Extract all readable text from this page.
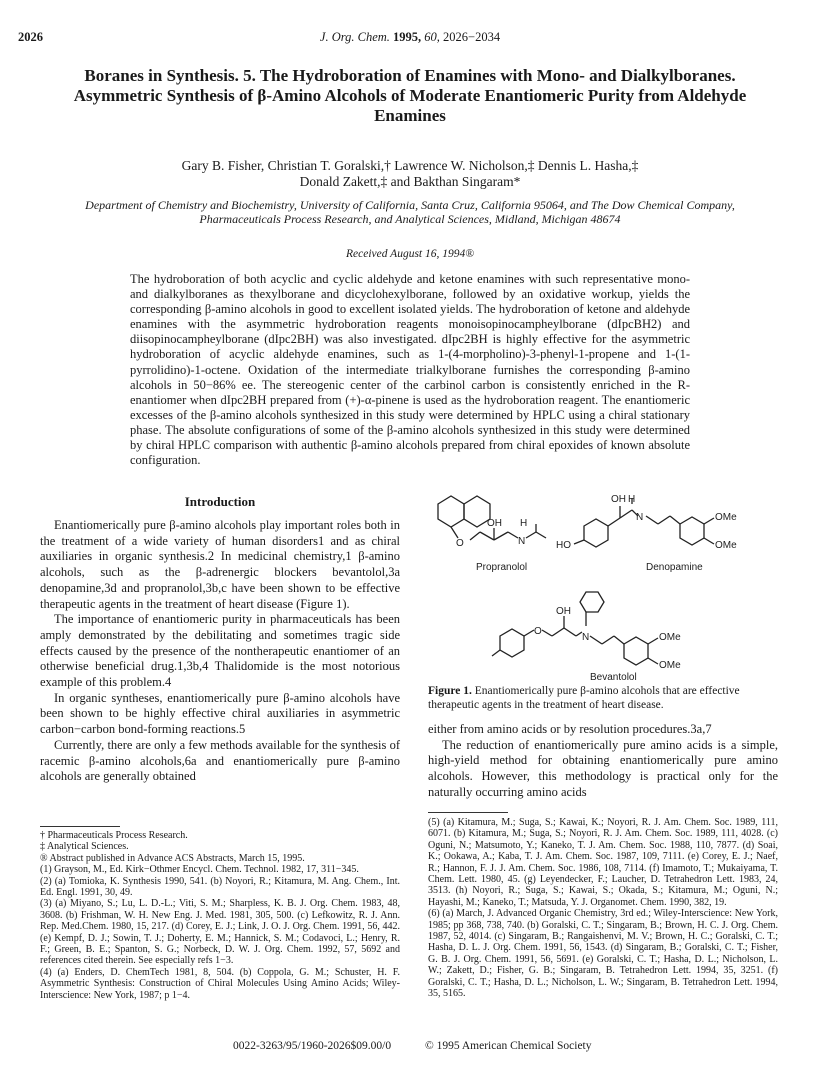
2026	J. Org. Chem. 1995, 60, 2026−2034
Boranes in Synthesis. 5. The Hydroboration of Enamines with Mono- and Dialkylboranes. Asymmetric Synthesis of β-Amino Alcohols of Moderate Enantiomeric Purity from Aldehyde Enamines
Gary B. Fisher, Christian T. Goralski,† Lawrence W. Nicholson,‡ Dennis L. Hasha,‡
Donald Zakett,‡ and Bakthan Singaram*
Department of Chemistry and Biochemistry, University of California, Santa Cruz, California 95064, and The Dow Chemical Company, Pharmaceuticals Process Research, and Analytical Sciences, Midland, Michigan 48674
Received August 16, 1994®
The hydroboration of both acyclic and cyclic aldehyde and ketone enamines with such representative mono- and dialkylboranes as thexylborane and dicyclohexylborane, followed by an oxidative workup, yields the corresponding β-amino alcohols in good to excellent isolated yields. The hydroboration of ketone and aldehyde enamines with the asymmetric hydroboration reagents monoisopinocampheylborane (dIpcBH2) and diisopinocampheylborane (dIpc2BH) was also investigated. dIpc2BH is highly effective for the asymmetric hydroboration of acyclic aldehyde enamines, such as 1-(4-morpholino)-3-phenyl-1-propene and 1-(1-pyrrolidino)-1-octene. Oxidation of the intermediate trialkylborane furnishes the corresponding β-amino alcohols in 50−86% ee. The stereogenic center of the carbinol carbon is consistently enriched in the R-enantiomer when dIpc2BH prepared from (+)-α-pinene is used as the hydroboration reagent. The enantiomeric excesses of the β-amino alcohols synthesized in this study were determined by HPLC using a chiral stationary phase. The absolute configurations of some of the β-amino alcohols synthesized in this study were determined by chiral HPLC comparison with authentic β-amino alcohols prepared from chiral epoxides of known absolute configuration.
Introduction

Enantiomerically pure β-amino alcohols play important roles both in the treatment of a wide variety of human disorders1 and as chiral auxiliaries in organic synthesis.2 In medicinal chemistry,1 β-amino alcohols, such as the β-adrenergic blockers bevantolol,3a denopamine,3d and propranolol,3b,c have been shown to be effective therapeutic agents in the treatment of heart disease (Figure 1).

The importance of enantiomeric purity in pharmaceuticals has been amply demonstrated by the debilitating and sometimes tragic side effects caused by the presence of the nontherapeutic enantiomer of an otherwise beneficial drug.1,3b,4 Thalidomide is the most notorious example of this problem.4

In organic syntheses, enantiomerically pure β-amino alcohols have been shown to be highly effective chiral auxiliaries in asymmetric carbon−carbon bond-forming reactions.5

Currently, there are only a few methods available for the synthesis of racemic β-amino alcohols,6a and enantiomerically pure β-amino alcohols are generally obtained

O
OH H
N
Propranolol
OH H
N
HO
OMe
OMe
Denopamine
O
OH
N	OMe
OMe
Bevantolol
Figure 1. Enantiomerically pure β-amino alcohols that are effective therapeutic agents in the treatment of heart disease.

either from amino acids or by resolution procedures.3a,7

The reduction of enantiomerically pure amino acids is a simple, high-yield method for obtaining enantiomerically pure amino alcohols. However, this methodology is practical only for the naturally occurring amino acids

† Pharmaceuticals Process Research.

‡ Analytical Sciences.

® Abstract published in Advance ACS Abstracts, March 15, 1995.

(1) Grayson, M., Ed. Kirk−Othmer Encycl. Chem. Technol. 1982, 17, 311−345.

(2) (a) Tomioka, K. Synthesis 1990, 541. (b) Noyori, R.; Kitamura, M. Ang. Chem., Int. Ed. Engl. 1991, 30, 49.

(3) (a) Miyano, S.; Lu, L. D.-L.; Viti, S. M.; Sharpless, K. B. J. Org. Chem. 1983, 48, 3608. (b) Frishman, W. H. New Eng. J. Med. 1981, 305, 500. (c) Lefkowitz, R. J. Ann. Rep. Med.Chem. 1980, 15, 217. (d) Corey, E. J.; Link, J. O. J. Org. Chem. 1991, 56, 442. (e) Kempf, D. J.; Sowin, T. J.; Doherty, E. M.; Hannick, S. M.; Codavoci, L.; Henry, R. F.; Green, B. E.; Spanton, S. G.; Norbeck, D. W. J. Org. Chem. 1992, 57, 5692 and references cited therein. See especially refs 1−3.

(4) (a) Enders, D. ChemTech 1981, 8, 504. (b) Coppola, G. M.; Schuster, H. F. Asymmetric Synthesis: Construction of Chiral Molecules Using Amino Acids; Wiley-Interscience: New York, 1987; p 1−4.

(5) (a) Kitamura, M.; Suga, S.; Kawai, K.; Noyori, R. J. Am. Chem. Soc. 1989, 111, 6071. (b) Kitamura, M.; Suga, S.; Noyori, R. J. Am. Chem. Soc. 1989, 111, 4028. (c) Oguni, N.; Matsumoto, Y.; Kaneko, T. J. Am. Chem. Soc. 1988, 110, 7877. (d) Soai, K.; Ookawa, A.; Kaba, T. J. Am. Chem. Soc. 1987, 109, 7111. (e) Corey, E. J.; Naef, R.; Hannon, F. J. J. Am. Chem. Soc. 1986, 108, 7114. (f) Imamoto, T.; Mukaiyama, T. Chem. Lett. 1980, 45. (g) Leyendecker, F.; Laucher, D. Tetrahedron Lett. 1983, 24, 3513. (h) Noyori, R.; Suga, S.; Kawai, S.; Okada, S.; Kitamura, M.; Oguni, N.; Hayashi, M.; Kaneko, T.; Matsuda, Y. J. Organomet. Chem. 1990, 382, 19.

(6) (a) March, J. Advanced Organic Chemistry, 3rd ed.; Wiley-Interscience: New York, 1985; pp 368, 738, 740. (b) Goralski, C. T.; Singaram, B.; Brown, H. C. J. Org. Chem. 1987, 52, 4014. (c) Singaram, B.; Rangaishenvi, M. V.; Brown, H. C.; Goralski, C. T.; Hasha, D. L. J. Org. Chem. 1991, 56, 1543. (d) Singaram, B.; Goralski, C. T.; Fisher, G. B. J. Org. Chem. 1991, 56, 5691. (e) Goralski, C. T.; Hasha, D. L.; Nicholson, L. W.; Zakett, D.; Fisher, G. B.; Singaram, B. Tetrahedron Lett. 1994, 35, 3251. (f) Goralski, C. T.; Hasha, D. L.; Nicholson, L. W.; Singaram, B. Tetrahedron Lett. 1994, 35, 5165.

0022-3263/95/1960-2026$09.00/0	© 1995 American Chemical Society
